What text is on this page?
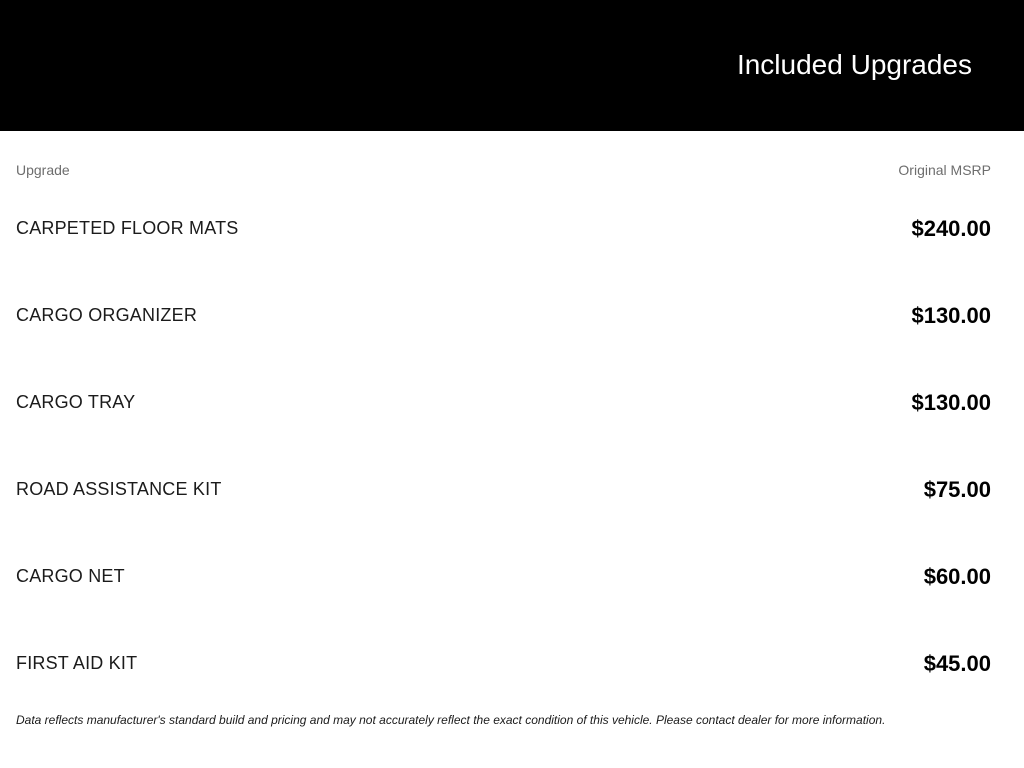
Included Upgrades
Upgrade	Original MSRP
CARPETED FLOOR MATS	$240.00
CARGO ORGANIZER	$130.00
CARGO TRAY	$130.00
ROAD ASSISTANCE KIT	$75.00
CARGO NET	$60.00
FIRST AID KIT	$45.00

Data reflects manufacturer's standard build and pricing and may not accurately reflect the exact condition of this vehicle. Please contact dealer for more information.
